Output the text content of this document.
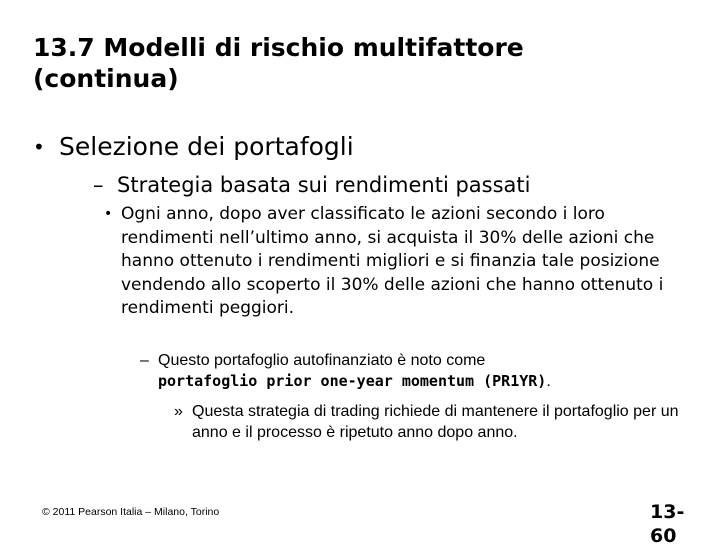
13.7 Modelli di rischio multifattore
(continua)
• Selezione dei portafogli
– Strategia basata sui rendimenti passati
• Ogni anno, dopo aver classificato le azioni secondo i loro rendimenti nell’ultimo anno, si acquista il 30% delle azioni che hanno ottenuto i rendimenti migliori e si finanzia tale posizione vendendo allo scoperto il 30% delle azioni che hanno ottenuto i rendimenti peggiori.
– Questo portafoglio autofinanziato è noto come
portafoglio prior one-year momentum (PR1YR).
» Questa strategia di trading richiede di mantenere il portafoglio per un anno e il processo è ripetuto anno dopo anno.
© 2011 Pearson Italia – Milano, Torino	13-60
